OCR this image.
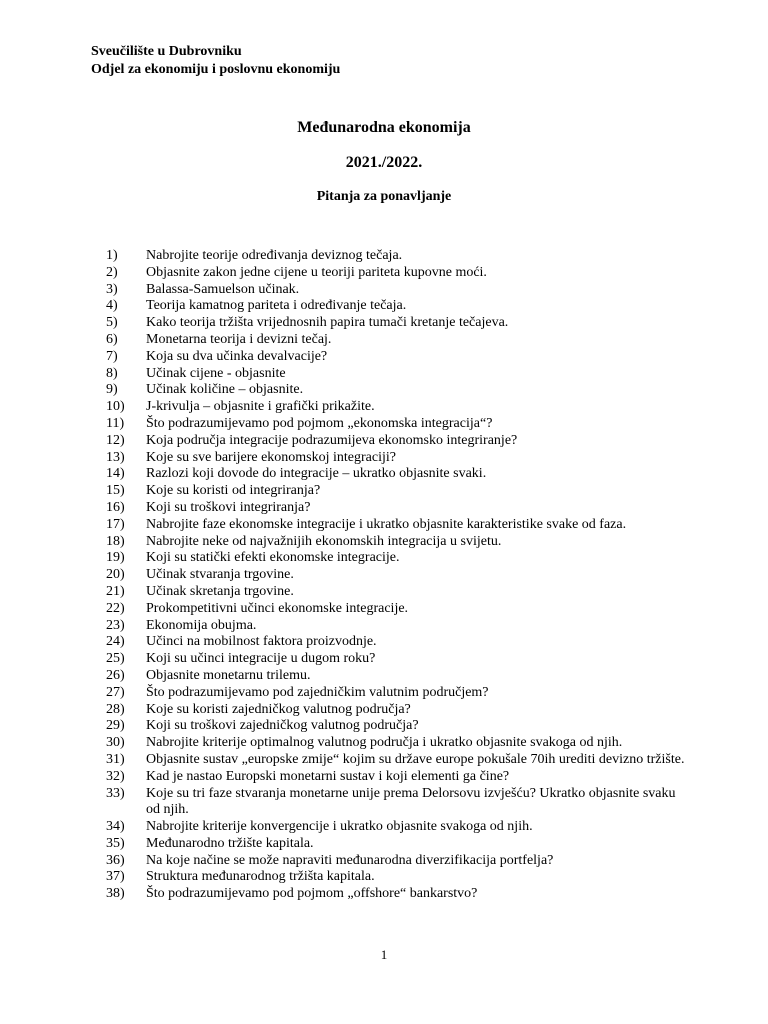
Sveučilište u Dubrovniku
Odjel za ekonomiju i poslovnu ekonomiju
Međunarodna ekonomija
2021./2022.
Pitanja za ponavljanje
1)	Nabrojite teorije određivanja deviznog tečaja.
2)	Objasnite zakon jedne cijene u teoriji pariteta kupovne moći.
3)	Balassa-Samuelson učinak.
4)	Teorija kamatnog pariteta i određivanje tečaja.
5)	Kako teorija tržišta vrijednosnih papira tumači kretanje tečajeva.
6)	Monetarna teorija i devizni tečaj.
7)	Koja su dva učinka devalvacije?
8)	Učinak cijene - objasnite
9)	Učinak količine – objasnite.
10)	J-krivulja – objasnite i grafički prikažite.
11)	Što podrazumijevamo pod pojmom „ekonomska integracija“?
12)	Koja područja integracije podrazumijeva ekonomsko integriranje?
13)	Koje su sve barijere ekonomskoj integraciji?
14)	Razlozi koji dovode do integracije – ukratko objasnite svaki.
15)	Koje su koristi od integriranja?
16)	Koji su troškovi integriranja?
17)	Nabrojite faze ekonomske integracije i ukratko objasnite karakteristike svake od faza.
18)	Nabrojite neke od najvažnijih ekonomskih integracija u svijetu.
19)	Koji su statički efekti ekonomske integracije.
20)	Učinak stvaranja trgovine.
21)	Učinak skretanja trgovine.
22)	Prokompetitivni učinci ekonomske integracije.
23)	Ekonomija obujma.
24)	Učinci na mobilnost faktora proizvodnje.
25)	Koji su učinci integracije u dugom roku?
26)	Objasnite monetarnu trilemu.
27)	Što podrazumijevamo pod zajedničkim valutnim područjem?
28)	Koje su koristi zajedničkog valutnog područja?
29)	Koji su troškovi zajedničkog valutnog područja?
30)	Nabrojite kriterije optimalnog valutnog područja i ukratko objasnite svakoga od njih.
31)	Objasnite sustav „europske zmije“ kojim su države europe pokušale 70ih urediti devizno tržište.
32)	Kad je nastao Europski monetarni sustav i koji elementi ga čine?
33)	Koje su tri faze stvaranja monetarne unije prema Delorsovu izvješću? Ukratko objasnite svaku od njih.
34)	Nabrojite kriterije konvergencije i ukratko objasnite svakoga od njih.
35)	Međunarodno tržište kapitala.
36)	Na koje načine se može napraviti međunarodna diverzifikacija portfelja?
37)	Struktura međunarodnog tržišta kapitala.
38)	Što podrazumijevamo pod pojmom „offshore“ bankarstvo?
1
